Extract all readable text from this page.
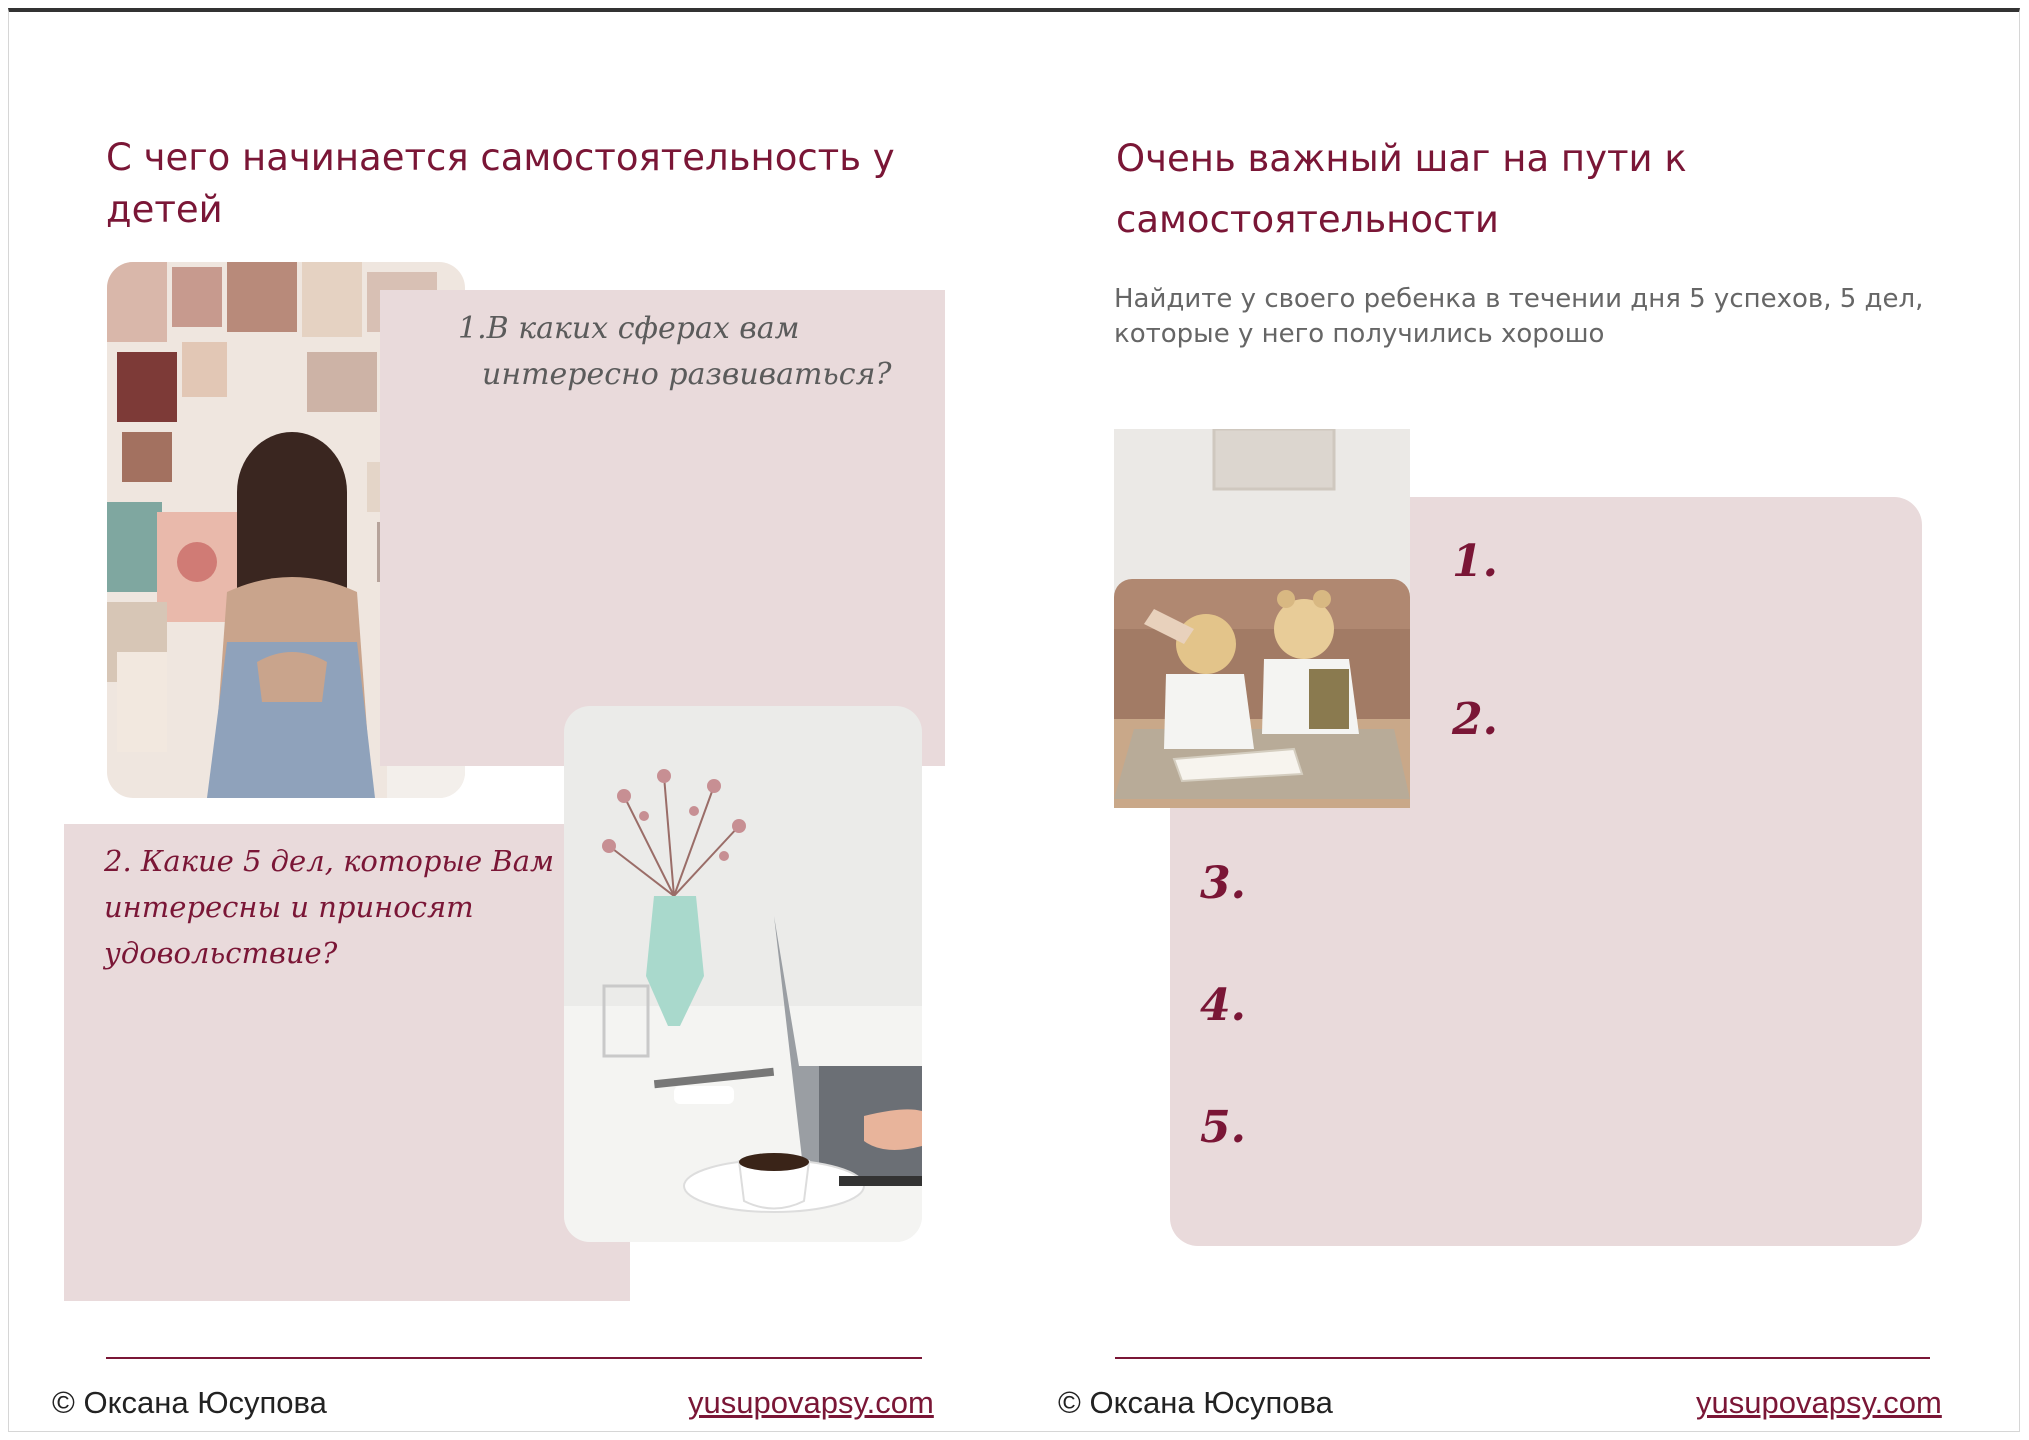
С чего начинается самостоятельность у детей
1.В каких сферах вам
интересно развиваться?
2. Какие 5 дел, которые Вам
интересны и приносят
удовольствие?
© Оксана Юсупова	yusupovapsy.com
Очень важный шаг на пути к самостоятельности
Найдите у своего ребенка в течении дня 5 успехов, 5 дел, которые у него получились хорошо
1.
2.
3.
4.
5.
© Оксана Юсупова	yusupovapsy.com
